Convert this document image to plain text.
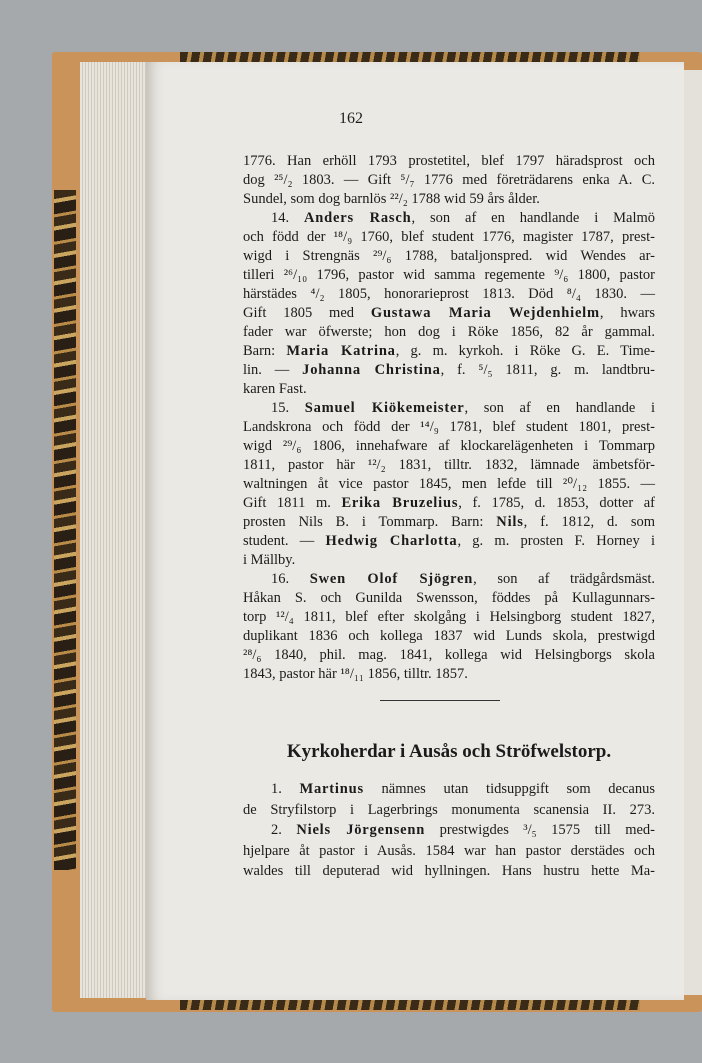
162
1776. Han erhöll 1793 prostetitel, blef 1797 häradsprost och
dog ²⁵/₂ 1803. — Gift ⁵/₇ 1776 med företrädarens enka A. C.
Sundel, som dog barnlös ²²/₂ 1788 wid 59 års ålder.
14. Anders Rasch, son af en handlande i Malmö
och född der ¹⁸/₉ 1760, blef student 1776, magister 1787, prest-
wigd i Strengnäs ²⁹/₆ 1788, bataljonspred. wid Wendes ar-
tilleri ²⁶/₁₀ 1796, pastor wid samma regemente ⁹/₆ 1800, pastor
härstädes ⁴/₂ 1805, honorarieprost 1813. Död ⁸/₄ 1830. —
Gift 1805 med Gustawa Maria Wejdenhielm, hwars
fader war öfwerste; hon dog i Röke 1856, 82 år gammal.
Barn: Maria Katrina, g. m. kyrkoh. i Röke G. E. Time-
lin. — Johanna Christina, f. ⁵/₅ 1811, g. m. landtbru-
karen Fast.
15. Samuel Kiökemeister, son af en handlande i
Landskrona och född der ¹⁴/₉ 1781, blef student 1801, prest-
wigd ²⁹/₆ 1806, innehafware af klockarelägenheten i Tommarp
1811, pastor här ¹²/₂ 1831, tilltr. 1832, lämnade ämbetsför-
waltningen åt vice pastor 1845, men lefde till ²⁰/₁₂ 1855. —
Gift 1811 m. Erika Bruzelius, f. 1785, d. 1853, dotter af
prosten Nils B. i Tommarp. Barn: Nils, f. 1812, d. som
student. — Hedwig Charlotta, g. m. prosten F. Horney i
i Mällby.
16. Swen Olof Sjögren, son af trädgårdsmäst.
Håkan S. och Gunilda Swensson, föddes på Kullagunnars-
torp ¹²/₄ 1811, blef efter skolgång i Helsingborg student 1827,
duplikant 1836 och kollega 1837 wid Lunds skola, prestwigd
²⁸/₆ 1840, phil. mag. 1841, kollega wid Helsingborgs skola
1843, pastor här ¹⁸/₁₁ 1856, tilltr. 1857.
Kyrkoherdar i Ausås och Ströfwelstorp.
1. Martinus nämnes utan tidsuppgift som decanus
de Stryfilstorp i Lagerbrings monumenta scanensia II. 273.
2. Niels Jörgensenn prestwigdes ³/₅ 1575 till med-
hjelpare åt pastor i Ausås. 1584 war han pastor derstädes och
waldes till deputerad wid hyllningen. Hans hustru hette Ma-
